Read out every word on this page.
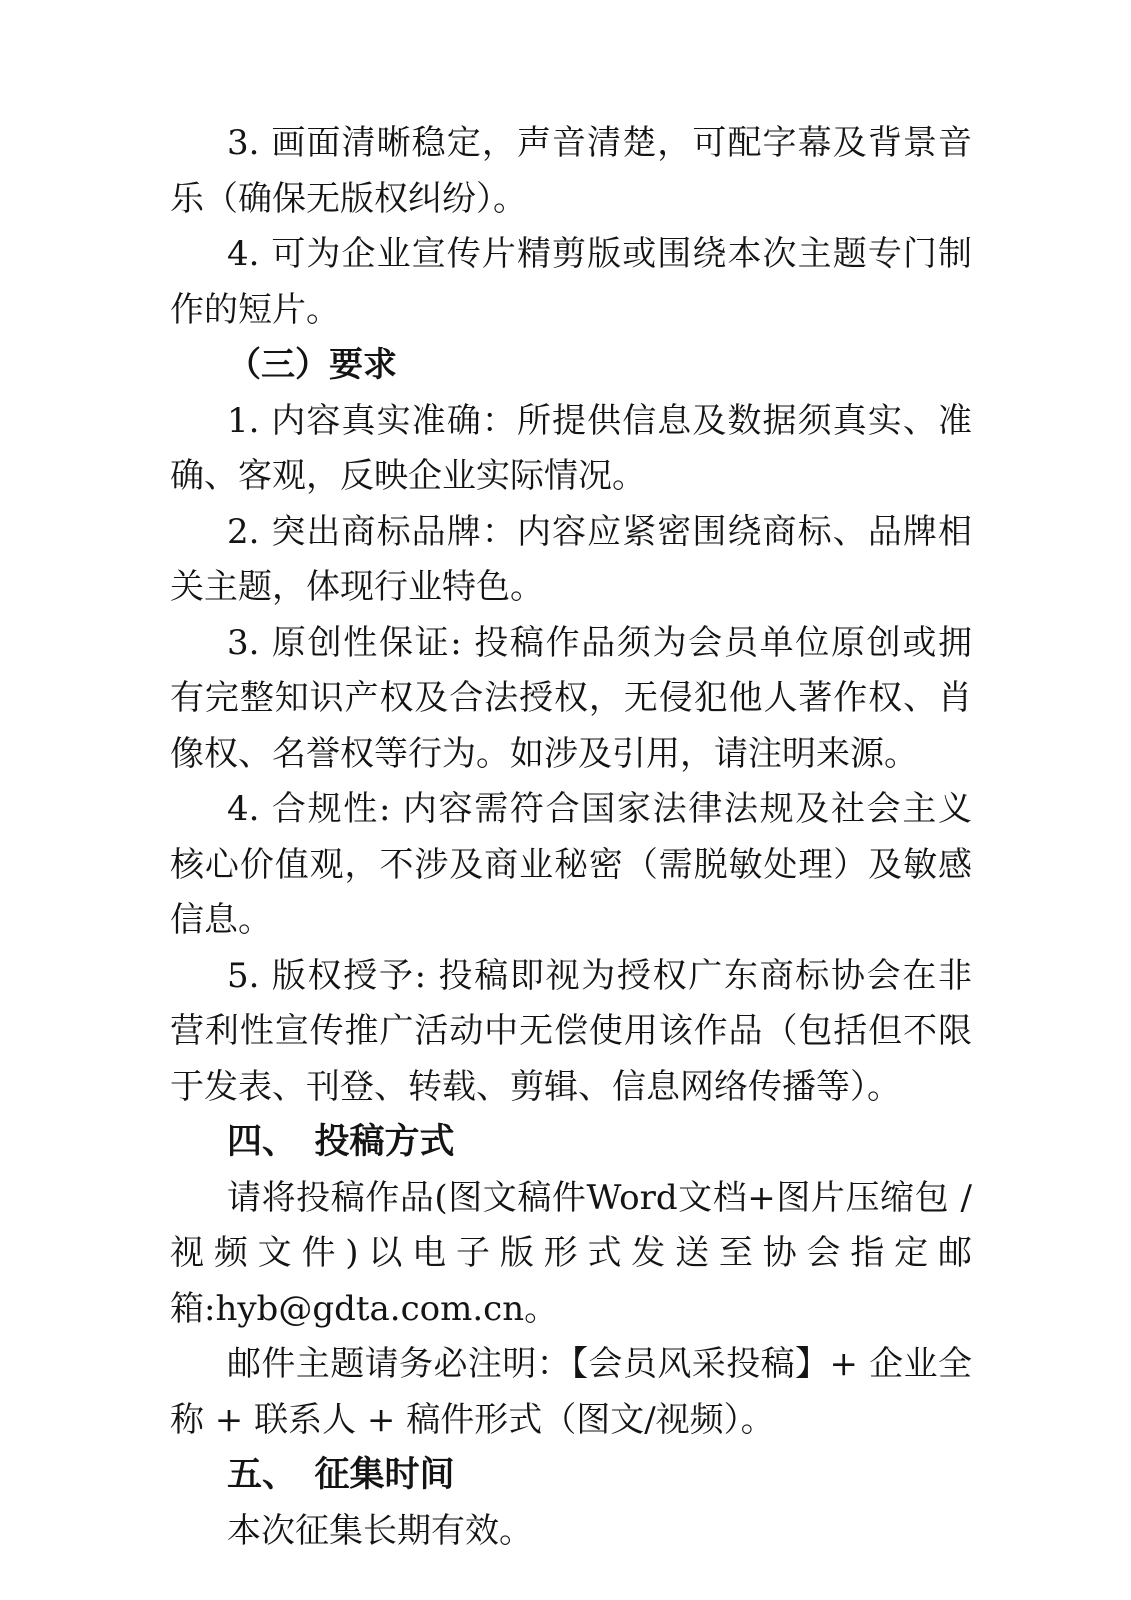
3. 画面清晰稳定，声音清楚，可配字幕及背景音乐（确保无版权纠纷）。

4. 可为企业宣传片精剪版或围绕本次主题专门制作的短片。

（三）要求

1. 内容真实准确：所提供信息及数据须真实、准确、客观，反映企业实际情况。

2. 突出商标品牌：内容应紧密围绕商标、品牌相关主题，体现行业特色。

3. 原创性保证: 投稿作品须为会员单位原创或拥有完整知识产权及合法授权，无侵犯他人著作权、肖像权、名誉权等行为。如涉及引用，请注明来源。

4. 合规性: 内容需符合国家法律法规及社会主义核心价值观，不涉及商业秘密（需脱敏处理）及敏感信息。

5. 版权授予: 投稿即视为授权广东商标协会在非营利性宣传推广活动中无偿使用该作品（包括但不限于发表、刊登、转载、剪辑、信息网络传播等）。

四、　投稿方式

请将投稿作品(图文稿件Word文档+图片压缩包 / 视频文件)以电子版形式发送至协会指定邮箱:hyb@gdta.com.cn。

邮件主题请务必注明：【会员风采投稿】+ 企业全称 + 联系人 + 稿件形式（图文/视频）。

五、　征集时间

本次征集长期有效。
